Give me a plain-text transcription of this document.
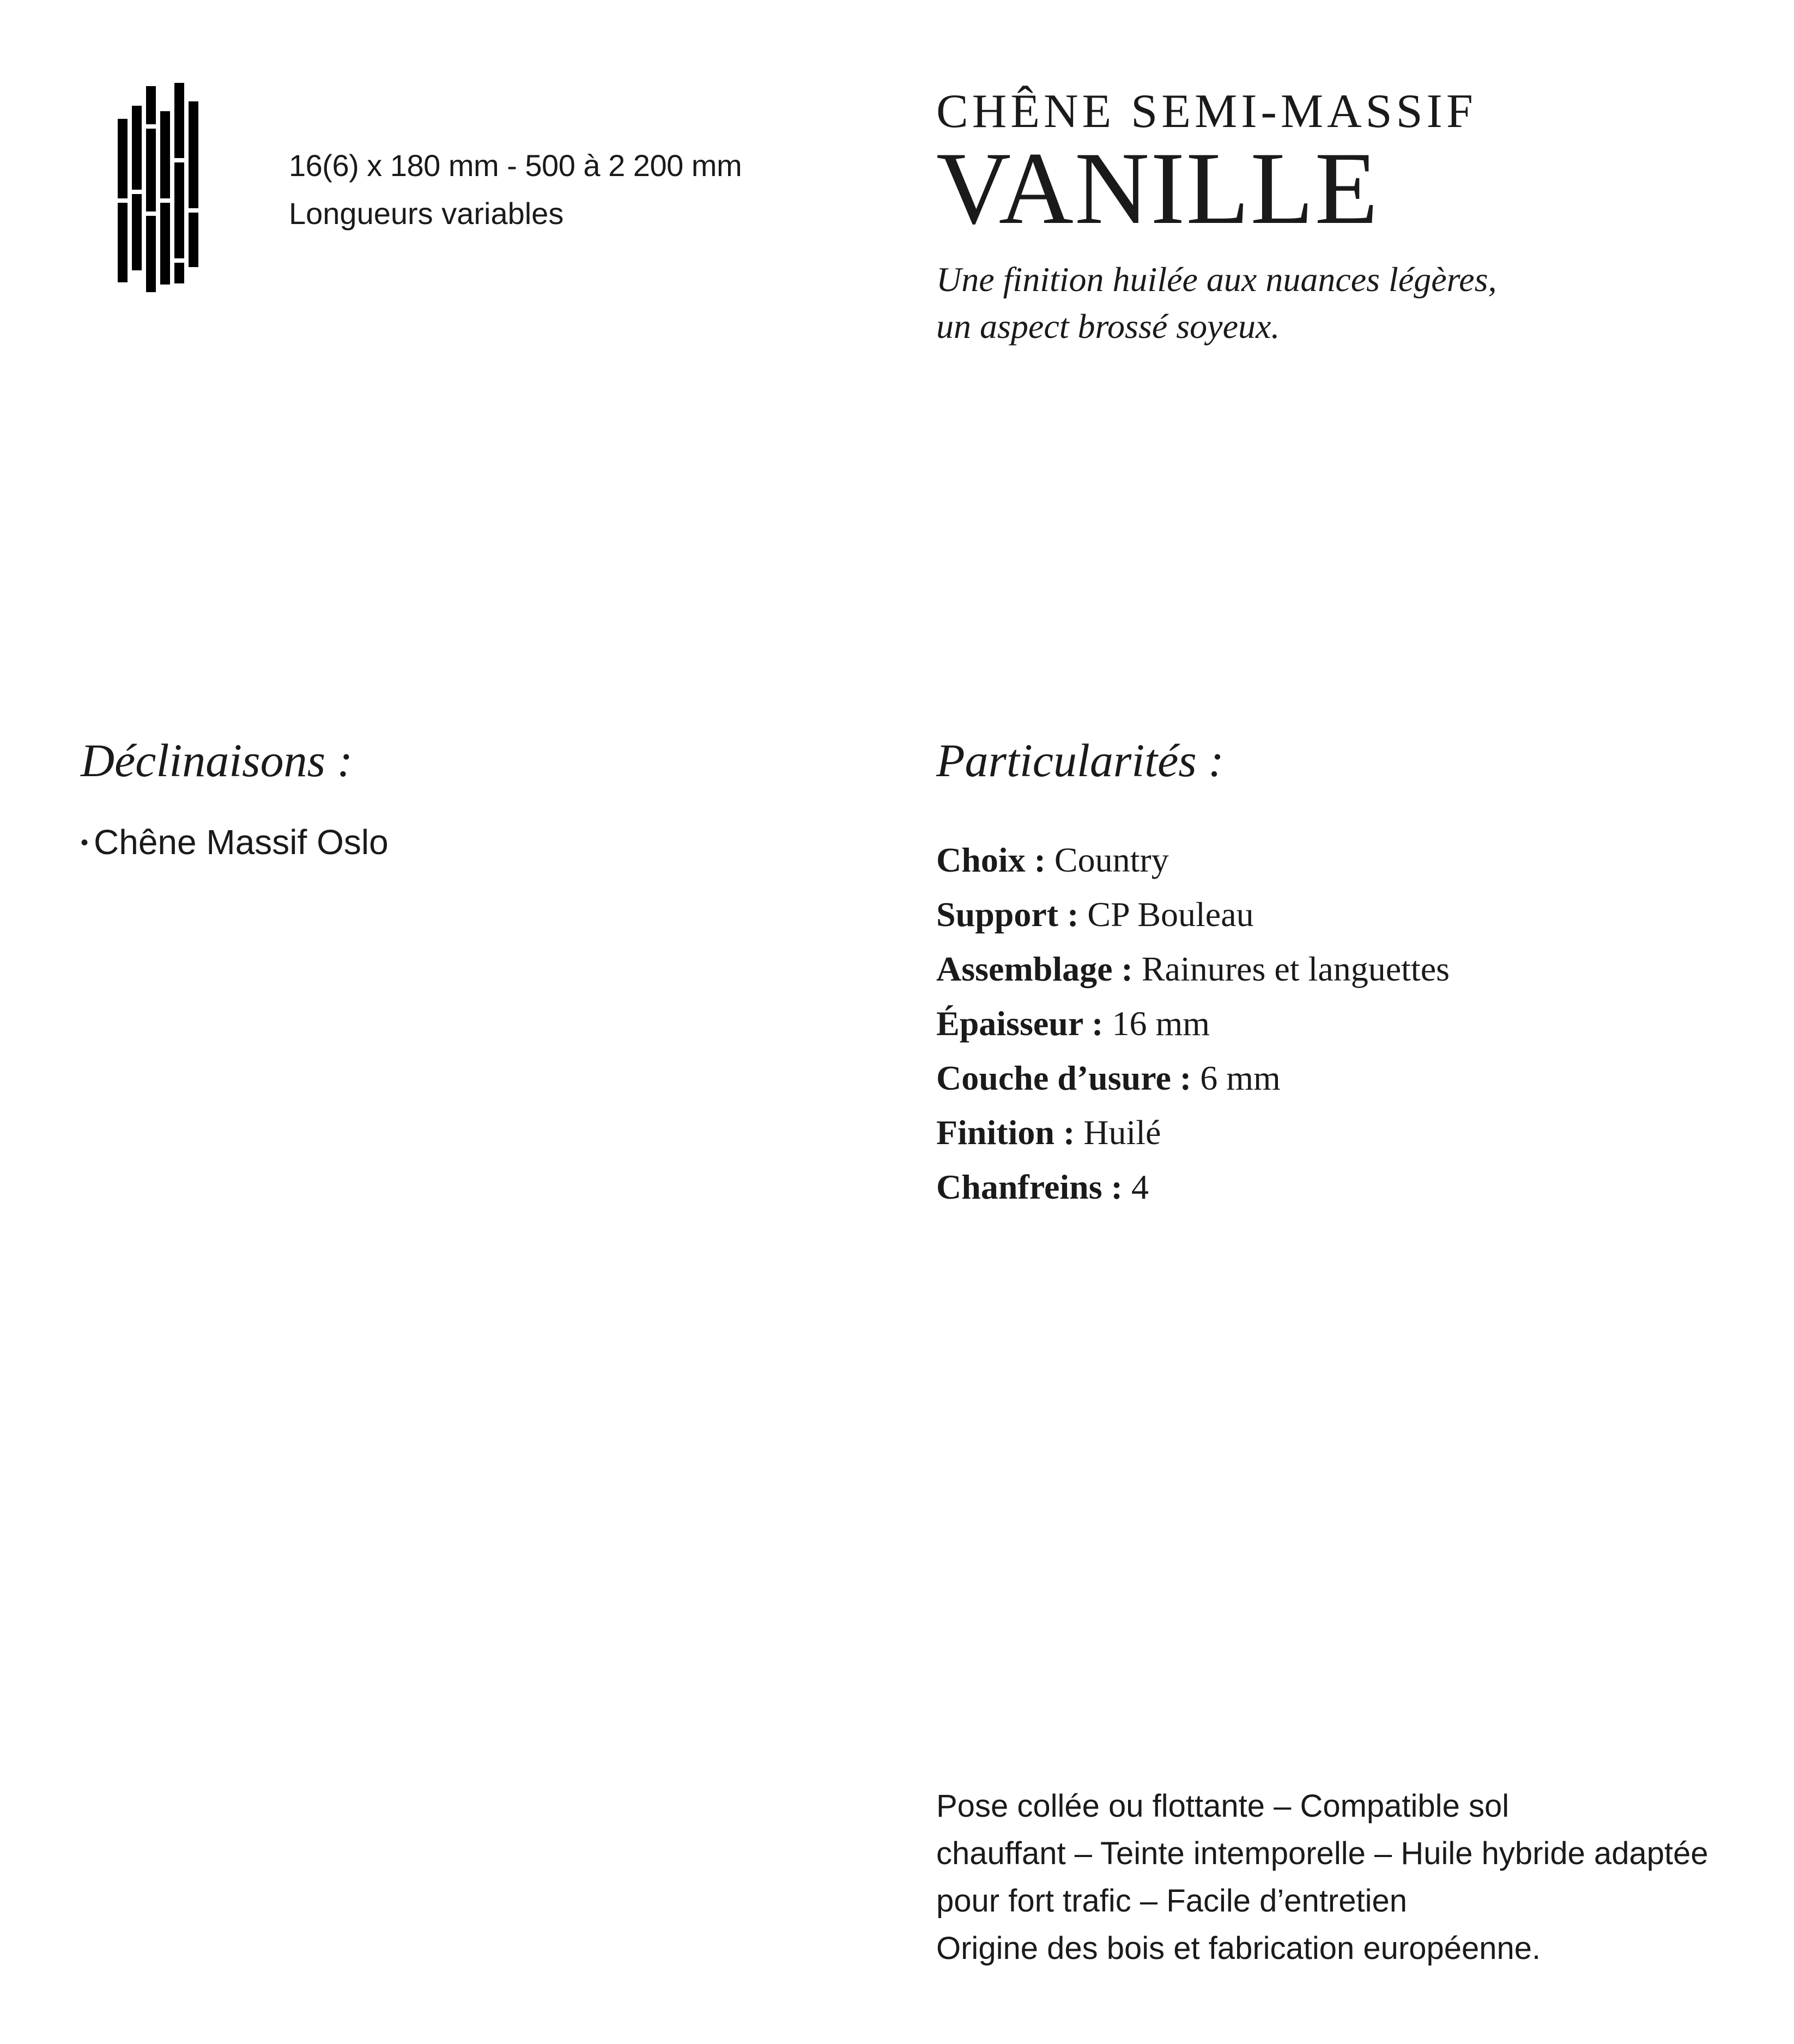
16(6) x 180 mm - 500 à 2 200 mm
Longueurs variables
CHÊNE SEMI-MASSIF
VANILLE
Une finition huilée aux nuances légères,
un aspect brossé soyeux.
Déclinaisons :
• Chêne Massif Oslo
Particularités :
Choix : Country
Support : CP Bouleau
Assemblage : Rainures et languettes
Épaisseur : 16 mm
Couche d’usure : 6 mm
Finition : Huilé
Chanfreins : 4
Pose collée ou flottante – Compatible sol
chauffant – Teinte intemporelle – Huile hybride adaptée
pour fort trafic – Facile d’entretien
Origine des bois et fabrication européenne.
